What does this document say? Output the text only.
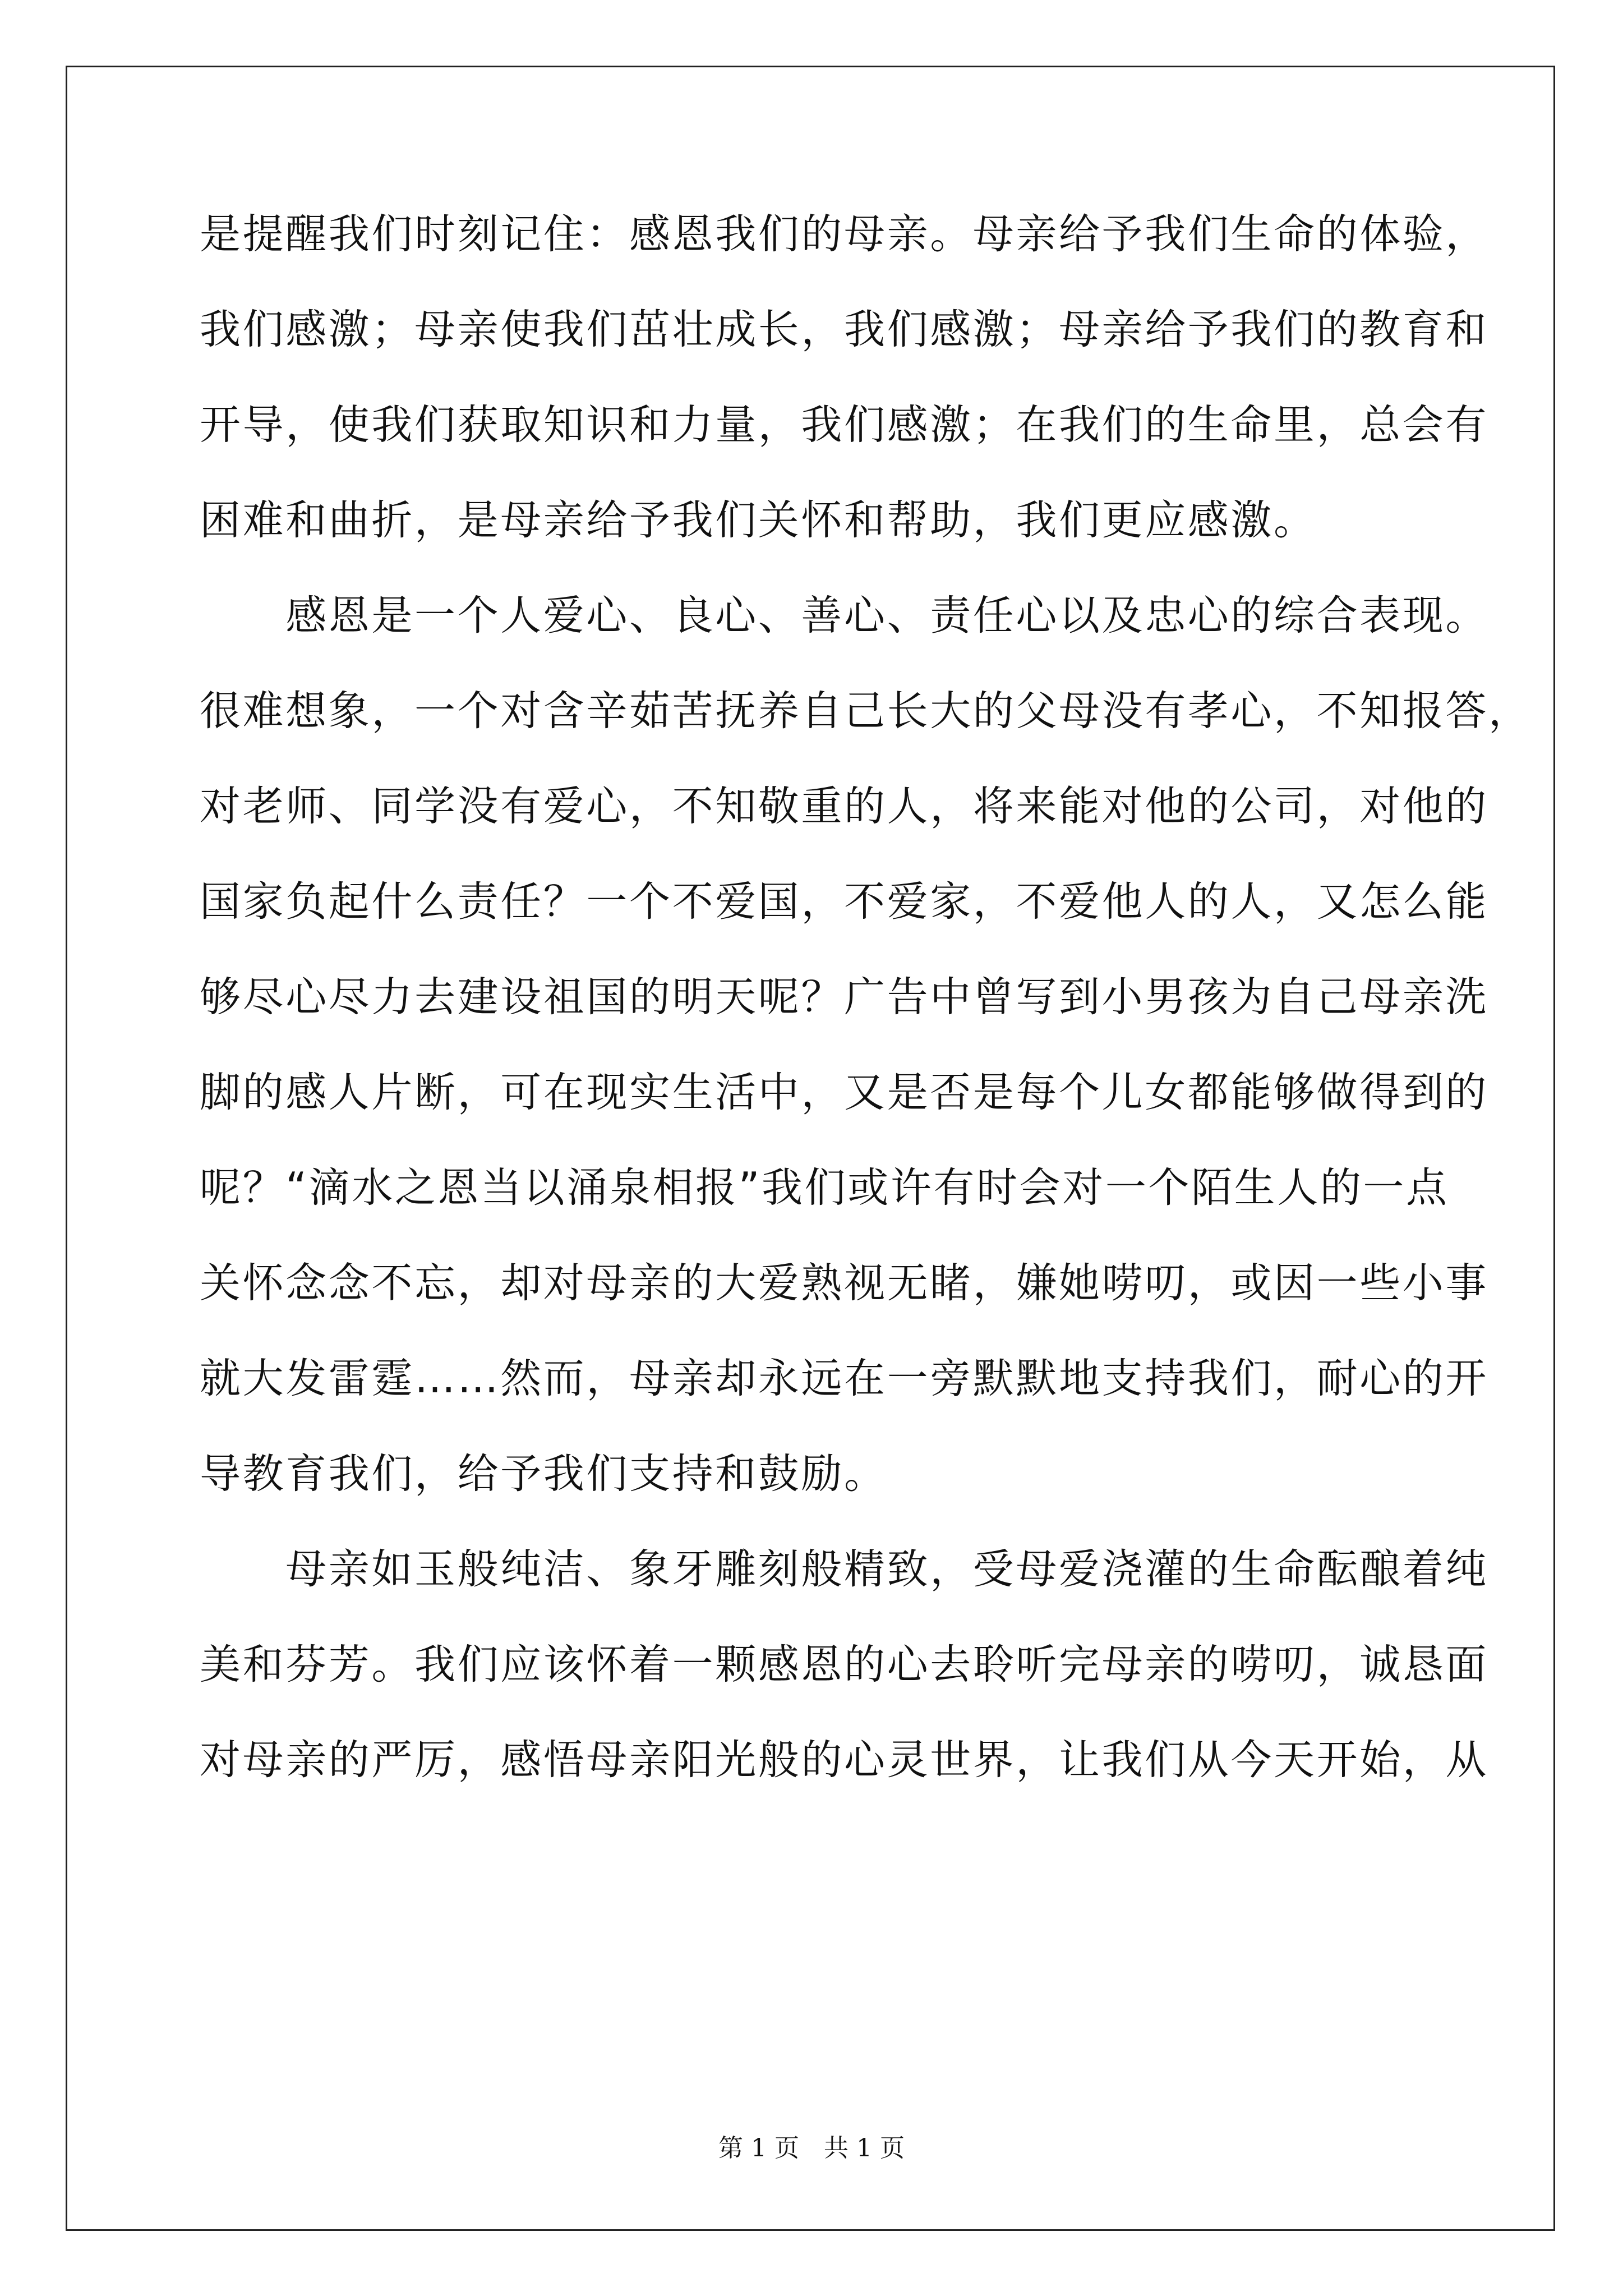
是提醒我们时刻记住：感恩我们的母亲。母亲给予我们生命的体验，
我们感激；母亲使我们茁壮成长，我们感激；母亲给予我们的教育和
开导，使我们获取知识和力量，我们感激；在我们的生命里，总会有
困难和曲折，是母亲给予我们关怀和帮助，我们更应感激。
　　感恩是一个人爱心、良心、善心、责任心以及忠心的综合表现。
很难想象，一个对含辛茹苦抚养自己长大的父母没有孝心，不知报答，
对老师、同学没有爱心，不知敬重的人，将来能对他的公司，对他的
国家负起什么责任？一个不爱国，不爱家，不爱他人的人，又怎么能
够尽心尽力去建设祖国的明天呢？广告中曾写到小男孩为自己母亲洗
脚的感人片断，可在现实生活中，又是否是每个儿女都能够做得到的
呢？“滴水之恩当以涌泉相报”我们或许有时会对一个陌生人的一点
关怀念念不忘，却对母亲的大爱熟视无睹，嫌她唠叨，或因一些小事
就大发雷霆……然而，母亲却永远在一旁默默地支持我们，耐心的开
导教育我们，给予我们支持和鼓励。
　　母亲如玉般纯洁、象牙雕刻般精致，受母爱浇灌的生命酝酿着纯
美和芬芳。我们应该怀着一颗感恩的心去聆听完母亲的唠叨，诚恳面
对母亲的严厉，感悟母亲阳光般的心灵世界，让我们从今天开始，从
第 1 页　共 1 页
